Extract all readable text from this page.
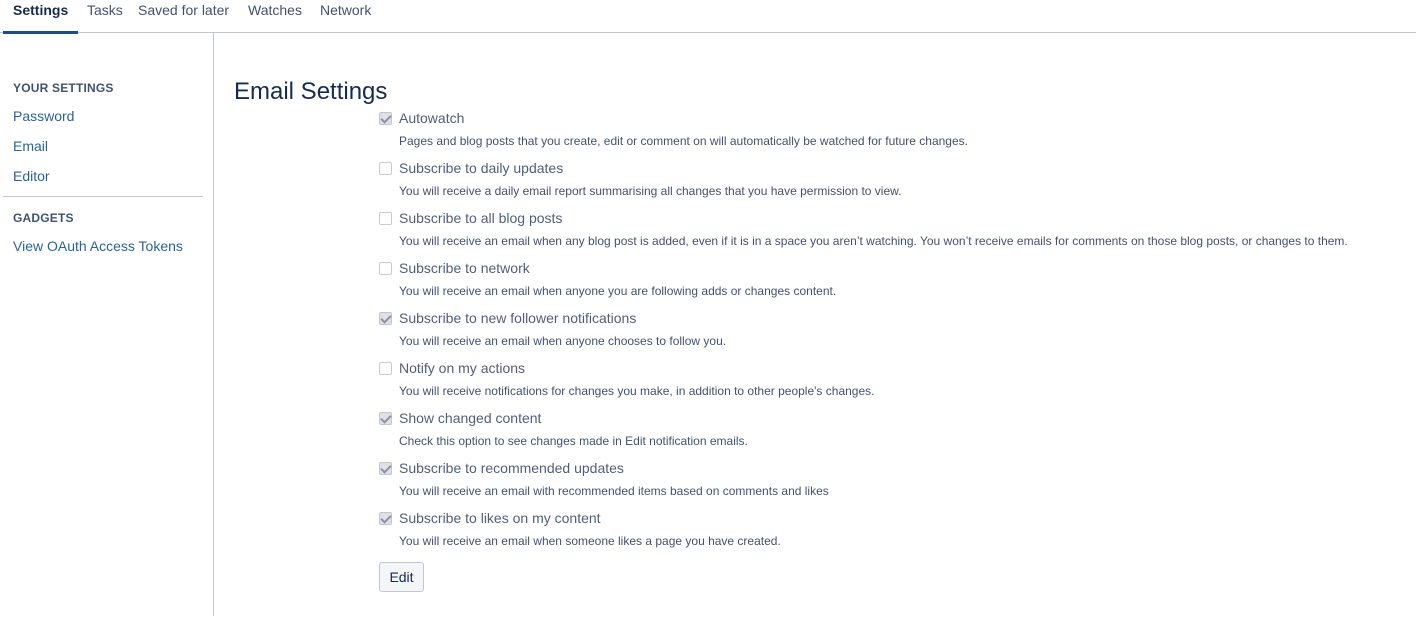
Settings Tasks Saved for later Watches Network
YOUR SETTINGS
Password
Email
Editor
GADGETS
View OAuth Access Tokens
Email Settings
Autowatch
Pages and blog posts that you create, edit or comment on will automatically be watched for future changes.
Subscribe to daily updates
You will receive a daily email report summarising all changes that you have permission to view.
Subscribe to all blog posts
You will receive an email when any blog post is added, even if it is in a space you aren’t watching. You won’t receive emails for comments on those blog posts, or changes to them.
Subscribe to network
You will receive an email when anyone you are following adds or changes content.
Subscribe to new follower notifications
You will receive an email when anyone chooses to follow you.
Notify on my actions
You will receive notifications for changes you make, in addition to other people's changes.
Show changed content
Check this option to see changes made in Edit notification emails.
Subscribe to recommended updates
You will receive an email with recommended items based on comments and likes
Subscribe to likes on my content
You will receive an email when someone likes a page you have created.
Edit
